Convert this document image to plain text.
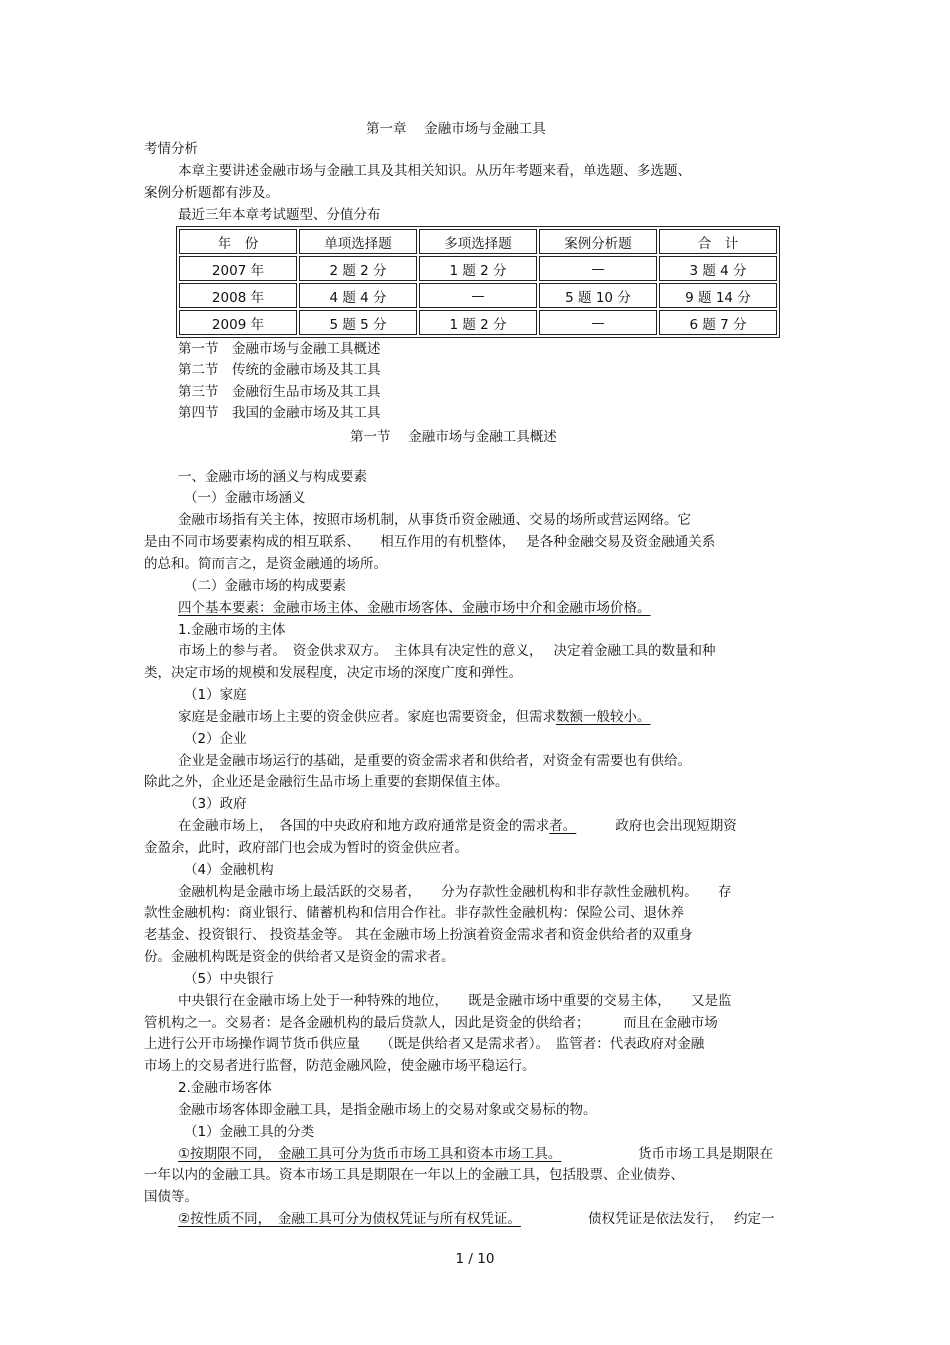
第一章　 金融市场与金融工具
考情分析
本章主要讲述金融市场与金融工具及其相关知识。从历年考题来看，单选题、多选题、
案例分析题都有涉及。
最近三年本章考试题型、分值分布
年　份	单项选择题	多项选择题	案例分析题	合　计
2007 年	2 题 2 分	1 题 2 分	—	3 题 4 分
2008 年	4 题 4 分	—	5 题 10 分	9 题 14 分
2009 年	5 题 5 分	1 题 2 分	—	6 题 7 分
第一节　金融市场与金融工具概述
第二节　传统的金融市场及其工具
第三节　金融衍生品市场及其工具
第四节　我国的金融市场及其工具
第一节　 金融市场与金融工具概述
一、金融市场的涵义与构成要素
（一）金融市场涵义
金融市场指有关主体，按照市场机制，从事货币资金融通、交易的场所或营运网络。它
是由不同市场要素构成的相互联系、　　相互作用的有机整体，　 是各种金融交易及资金融通关系
的总和。简而言之，是资金融通的场所。
（二）金融市场的构成要素
四个基本要素：金融市场主体、金融市场客体、金融市场中介和金融市场价格。
1.金融市场的主体
市场上的参与者。　资金供求双方。　主体具有决定性的意义，　 决定着金融工具的数量和种
类，决定市场的规模和发展程度，决定市场的深度广度和弹性。
（1）家庭
家庭是金融市场上主要的资金供应者。家庭也需要资金，但需求数额一般较小。
（2）企业
企业是金融市场运行的基础，是重要的资金需求者和供给者，对资金有需要也有供给。
除此之外，企业还是金融衍生品市场上重要的套期保值主体。
（3）政府
在金融市场上，　各国的中央政府和地方政府通常是资金的需求者。	政府也会出现短期资
金盈余，此时，政府部门也会成为暂时的资金供应者。
（4）金融机构
金融机构是金融市场上最活跃的交易者，　　分为存款性金融机构和非存款性金融机构。　　存
款性金融机构：商业银行、储蓄机构和信用合作社。非存款性金融机构：保险公司、退休养
老基金、投资银行、 投资基金等。 其在金融市场上扮演着资金需求者和资金供给者的双重身
份。金融机构既是资金的供给者又是资金的需求者。
（5）中央银行
中央银行在金融市场上处于一种特殊的地位，　　既是金融市场中重要的交易主体，　　又是监
管机构之一。交易者：是各金融机构的最后贷款人，因此是资金的供给者；　　　而且在金融市场
上进行公开市场操作调节货币供应量　　（既是供给者又是需求者）。　监管者：代表政府对金融
市场上的交易者进行监督，防范金融风险，使金融市场平稳运行。
2.金融市场客体
金融市场客体即金融工具，是指金融市场上的交易对象或交易标的物。
（1）金融工具的分类
①按期限不同，　金融工具可分为货币市场工具和资本市场工具。	货币市场工具是期限在
一年以内的金融工具。资本市场工具是期限在一年以上的金融工具，包括股票、企业债券、
国债等。
②按性质不同，　金融工具可分为债权凭证与所有权凭证。	债权凭证是依法发行，　 约定一
1 / 10
